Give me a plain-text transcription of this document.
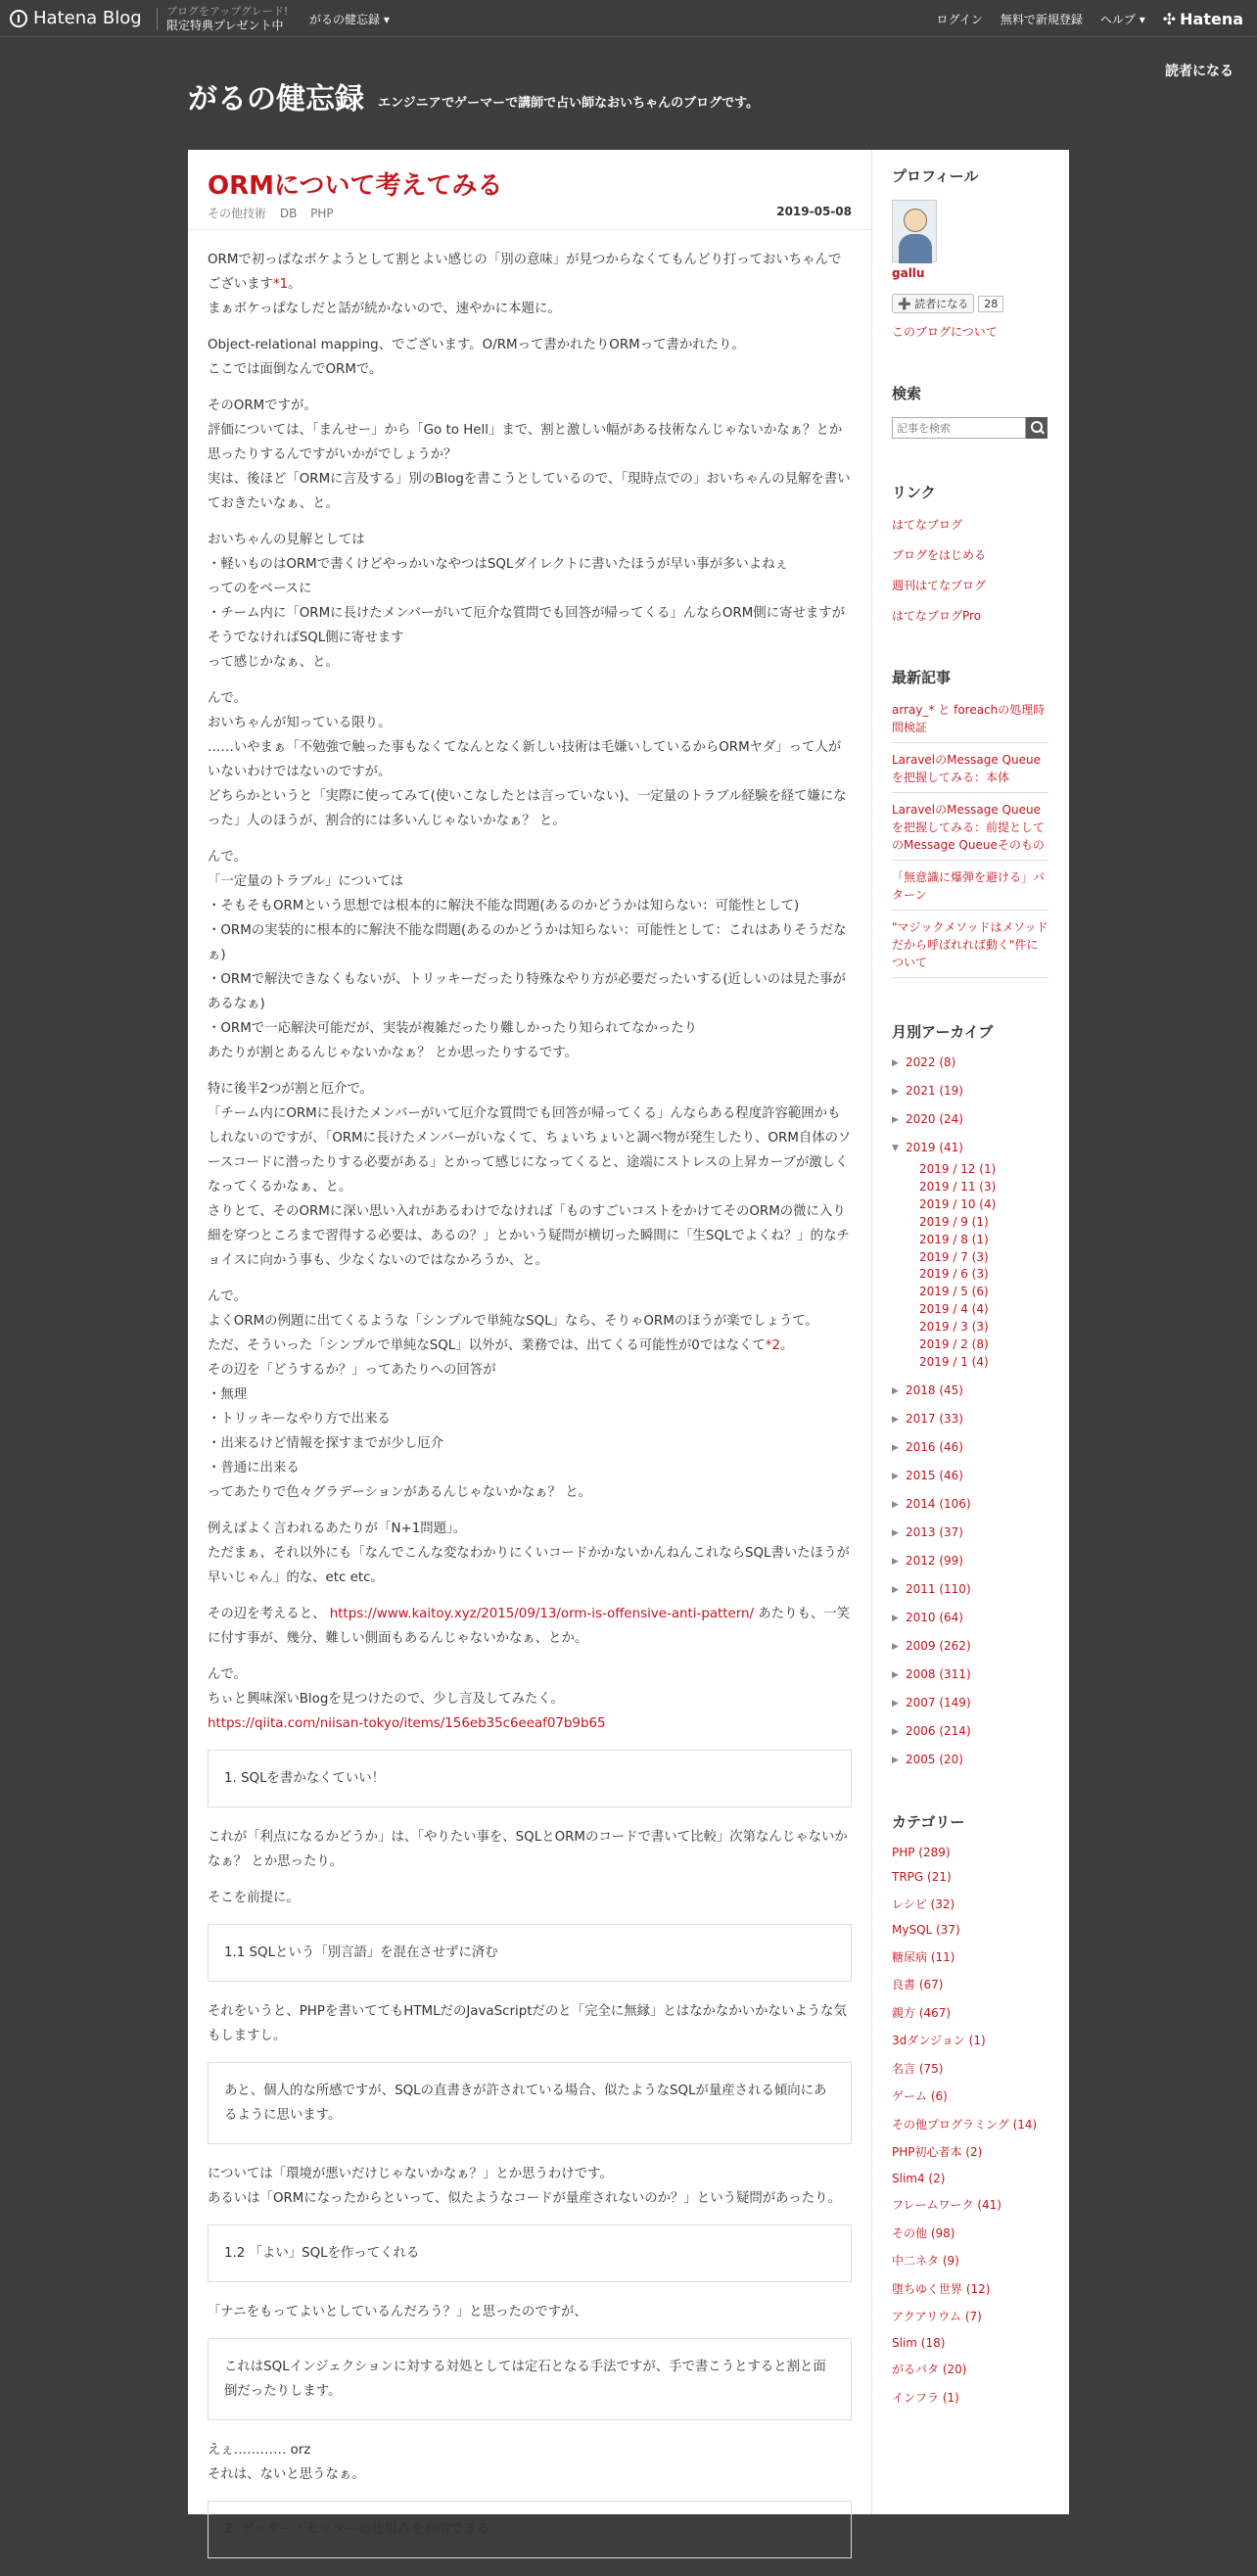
Hatena Blog ブログをアップグレード!
限定特典プレゼント中	がるの健忘録 ▾	ログイン 無料で新規登録 ヘルプ ▾ ✣ Hatena
読者になる
がるの健忘録 エンジニアでゲーマーで講師で占い師なおいちゃんのブログです。
ORMについて考えてみる
その他技術 DB PHP	2019-05-08

ORMで初っぱなボケようとして割とよい感じの「別の意味」が見つからなくてもんどり打っておいちゃんでございます*1。
まぁボケっぱなしだと話が続かないので、速やかに本題に。

Object-relational mapping、でございます。O/RMって書かれたりORMって書かれたり。
ここでは面倒なんでORMで。

そのORMですが。
評価については、「まんせー」から「Go to Hell」まで、割と激しい幅がある技術なんじゃないかなぁ？とか思ったりするんですがいかがでしょうか？
実は、後ほど「ORMに言及する」別のBlogを書こうとしているので、「現時点での」おいちゃんの見解を書いておきたいなぁ、と。

おいちゃんの見解としては
・軽いものはORMで書くけどやっかいなやつはSQLダイレクトに書いたほうが早い事が多いよねぇ
ってのをベースに
・チーム内に「ORMに長けたメンバーがいて厄介な質問でも回答が帰ってくる」んならORM側に寄せますがそうでなければSQL側に寄せます
って感じかなぁ、と。

んで。
おいちゃんが知っている限り。
……いやまぁ「不勉強で触った事もなくてなんとなく新しい技術は毛嫌いしているからORMヤダ」って人がいないわけではないのですが。
どちらかというと「実際に使ってみて(使いこなしたとは言っていない)、一定量のトラブル経験を経て嫌になった」人のほうが、割合的には多いんじゃないかなぁ？ と。

んで。
「一定量のトラブル」については
・そもそもORMという思想では根本的に解決不能な問題(あるのかどうかは知らない：可能性として)
・ORMの実装的に根本的に解決不能な問題(あるのかどうかは知らない：可能性として：これはありそうだなぁ)
・ORMで解決できなくもないが、トリッキーだったり特殊なやり方が必要だったいする(近しいのは見た事があるなぁ)
・ORMで一応解決可能だが、実装が複雑だったり難しかったり知られてなかったり
あたりが割とあるんじゃないかなぁ？ とか思ったりするです。

特に後半2つが割と厄介で。
「チーム内にORMに長けたメンバーがいて厄介な質問でも回答が帰ってくる」んならある程度許容範囲かもしれないのですが、「ORMに長けたメンバーがいなくて、ちょいちょいと調べ物が発生したり、ORM自体のソースコードに潜ったりする必要がある」とかって感じになってくると、途端にストレスの上昇カーブが激しくなってくるかなぁ、と。
さりとて、そのORMに深い思い入れがあるわけでなければ「ものすごいコストをかけてそのORMの微に入り細を穿つところまで習得する必要は、あるの？」とかいう疑問が横切った瞬間に「生SQLでよくね？」的なチョイスに向かう事も、少なくないのではなかろうか、と。

んで。
よくORMの例題に出てくるような「シンプルで単純なSQL」なら、そりゃORMのほうが楽でしょうて。
ただ、そういった「シンプルで単純なSQL」以外が、業務では、出てくる可能性が0ではなくて*2。
その辺を「どうするか？」ってあたりへの回答が
・無理
・トリッキーなやり方で出来る
・出来るけど情報を探すまでが少し厄介
・普通に出来る
ってあたりで色々グラデーションがあるんじゃないかなぁ？ と。

例えばよく言われるあたりが「N+1問題」。
ただまぁ、それ以外にも「なんでこんな変なわかりにくいコードかかないかんねんこれならSQL書いたほうが早いじゃん」的な、etc etc。

その辺を考えると、 https://www.kaitoy.xyz/2015/09/13/orm-is-offensive-anti-pattern/ あたりも、一笑に付す事が、幾分、難しい側面もあるんじゃないかなぁ、とか。

んで。
ちぃと興味深いBlogを見つけたので、少し言及してみたく。
https://qiita.com/niisan-tokyo/items/156eb35c6eeaf07b9b65

1. SQLを書かなくていい！

これが「利点になるかどうか」は、「やりたい事を、SQLとORMのコードで書いて比較」次第なんじゃないかなぁ？ とか思ったり。

そこを前提に。

1.1 SQLという「別言語」を混在させずに済む

それをいうと、PHPを書いててもHTMLだのJavaScriptだのと「完全に無縁」とはなかなかいかないような気もしますし。

あと、個人的な所感ですが、SQLの直書きが許されている場合、似たようなSQLが量産される傾向にあるように思います。

については「環境が悪いだけじゃないかなぁ？」とか思うわけです。
あるいは「ORMになったからといって、似たようなコードが量産されないのか？」という疑問があったり。

1.2 「よい」SQLを作ってくれる

「ナニをもってよいとしているんだろう？」と思ったのですが、

これはSQLインジェクションに対する対処としては定石となる手法ですが、手で書こうとすると割と面倒だったりします。

えぇ………… orz
それは、ないと思うなぁ。

2. ゲッター・セッターの仕組みを利用できる
プロフィール
gallu
➕ 読者になる	28
このブログについて
検索
記事を検索
リンク
はてなブログ
ブログをはじめる
週刊はてなブログ
はてなブログPro
最新記事
array_* と foreachの処理時間検証
LaravelのMessage Queueを把握してみる：本体
LaravelのMessage Queueを把握してみる：前提としてのMessage Queueそのもの
「無意識に爆弾を避ける」パターン
"マジックメソッドはメソッドだから呼ばれれば動く"件について
月別アーカイブ
▶ 2022 (8)
▶ 2021 (19)
▶ 2020 (24)
▼ 2019 (41)
2019 / 12 (1)
2019 / 11 (3)
2019 / 10 (4)
2019 / 9 (1)
2019 / 8 (1)
2019 / 7 (3)
2019 / 6 (3)
2019 / 5 (6)
2019 / 4 (4)
2019 / 3 (3)
2019 / 2 (8)
2019 / 1 (4)
▶ 2018 (45)
▶ 2017 (33)
▶ 2016 (46)
▶ 2015 (46)
▶ 2014 (106)
▶ 2013 (37)
▶ 2012 (99)
▶ 2011 (110)
▶ 2010 (64)
▶ 2009 (262)
▶ 2008 (311)
▶ 2007 (149)
▶ 2006 (214)
▶ 2005 (20)
カテゴリー
PHP (289)
TRPG (21)
レシピ (32)
MySQL (37)
糖尿病 (11)
良書 (67)
親方 (467)
3dダンジョン (1)
名言 (75)
ゲーム (6)
その他プログラミング (14)
PHP初心者本 (2)
Slim4 (2)
フレームワーク (41)
その他 (98)
中二ネタ (9)
堕ちゆく世界 (12)
アクアリウム (7)
Slim (18)
がるパタ (20)
インフラ (1)
